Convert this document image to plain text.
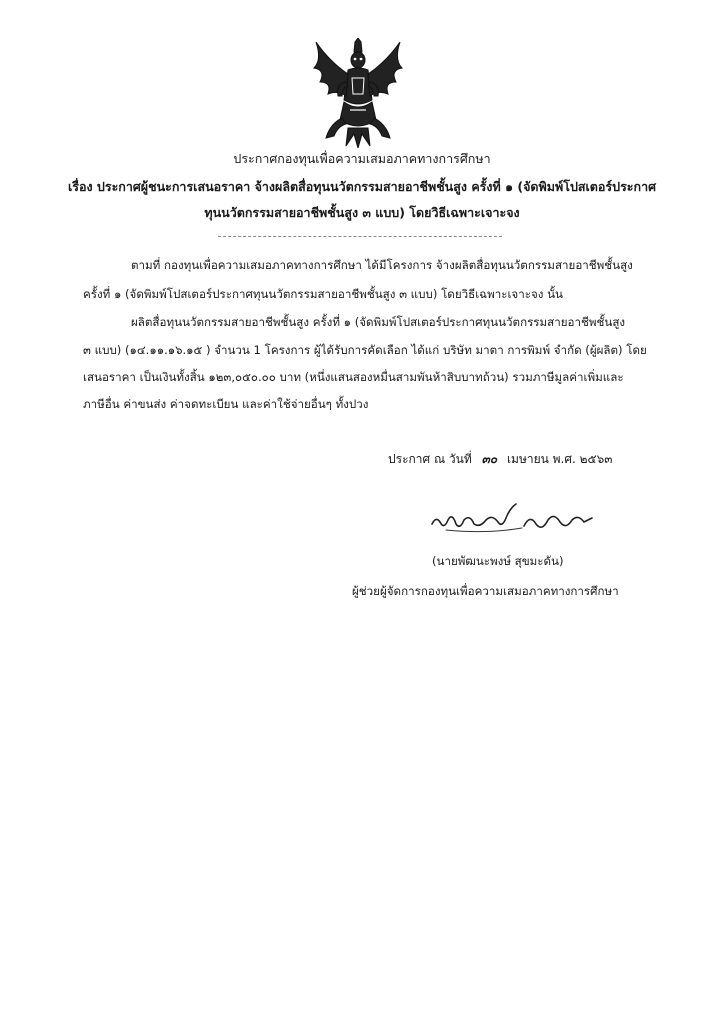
ประกาศกองทุนเพื่อความเสมอภาคทางการศึกษา
เรื่อง ประกาศผู้ชนะการเสนอราคา จ้างผลิตสื่อทุนนวัตกรรมสายอาชีพชั้นสูง ครั้งที่ ๑ (จัดพิมพ์โปสเตอร์ประกาศ
ทุนนวัตกรรมสายอาชีพชั้นสูง ๓ แบบ) โดยวิธีเฉพาะเจาะจง
ตามที่ กองทุนเพื่อความเสมอภาคทางการศึกษา ได้มีโครงการ จ้างผลิตสื่อทุนนวัตกรรมสายอาชีพชั้นสูง
ครั้งที่ ๑ (จัดพิมพ์โปสเตอร์ประกาศทุนนวัตกรรมสายอาชีพชั้นสูง ๓ แบบ) โดยวิธีเฉพาะเจาะจง นั้น
ผลิตสื่อทุนนวัตกรรมสายอาชีพชั้นสูง ครั้งที่ ๑ (จัดพิมพ์โปสเตอร์ประกาศทุนนวัตกรรมสายอาชีพชั้นสูง
๓ แบบ) (๑๔.๑๑.๑๖.๑๕ ) จำนวน 1 โครงการ ผู้ได้รับการคัดเลือก ได้แก่ บริษัท มาตา การพิมพ์ จำกัด (ผู้ผลิต) โดย
เสนอราคา เป็นเงินทั้งสิ้น ๑๒๓,๐๕๐.๐๐ บาท (หนึ่งแสนสองหมื่นสามพันห้าสิบบาทถ้วน) รวมภาษีมูลค่าเพิ่มและ
ภาษีอื่น ค่าขนส่ง ค่าจดทะเบียน และค่าใช้จ่ายอื่นๆ ทั้งปวง
ประกาศ ณ วันที่ ๓๐ เมษายน พ.ศ. ๒๕๖๓
(นายพัฒนะพงษ์ สุขมะดัน)
ผู้ช่วยผู้จัดการกองทุนเพื่อความเสมอภาคทางการศึกษา
